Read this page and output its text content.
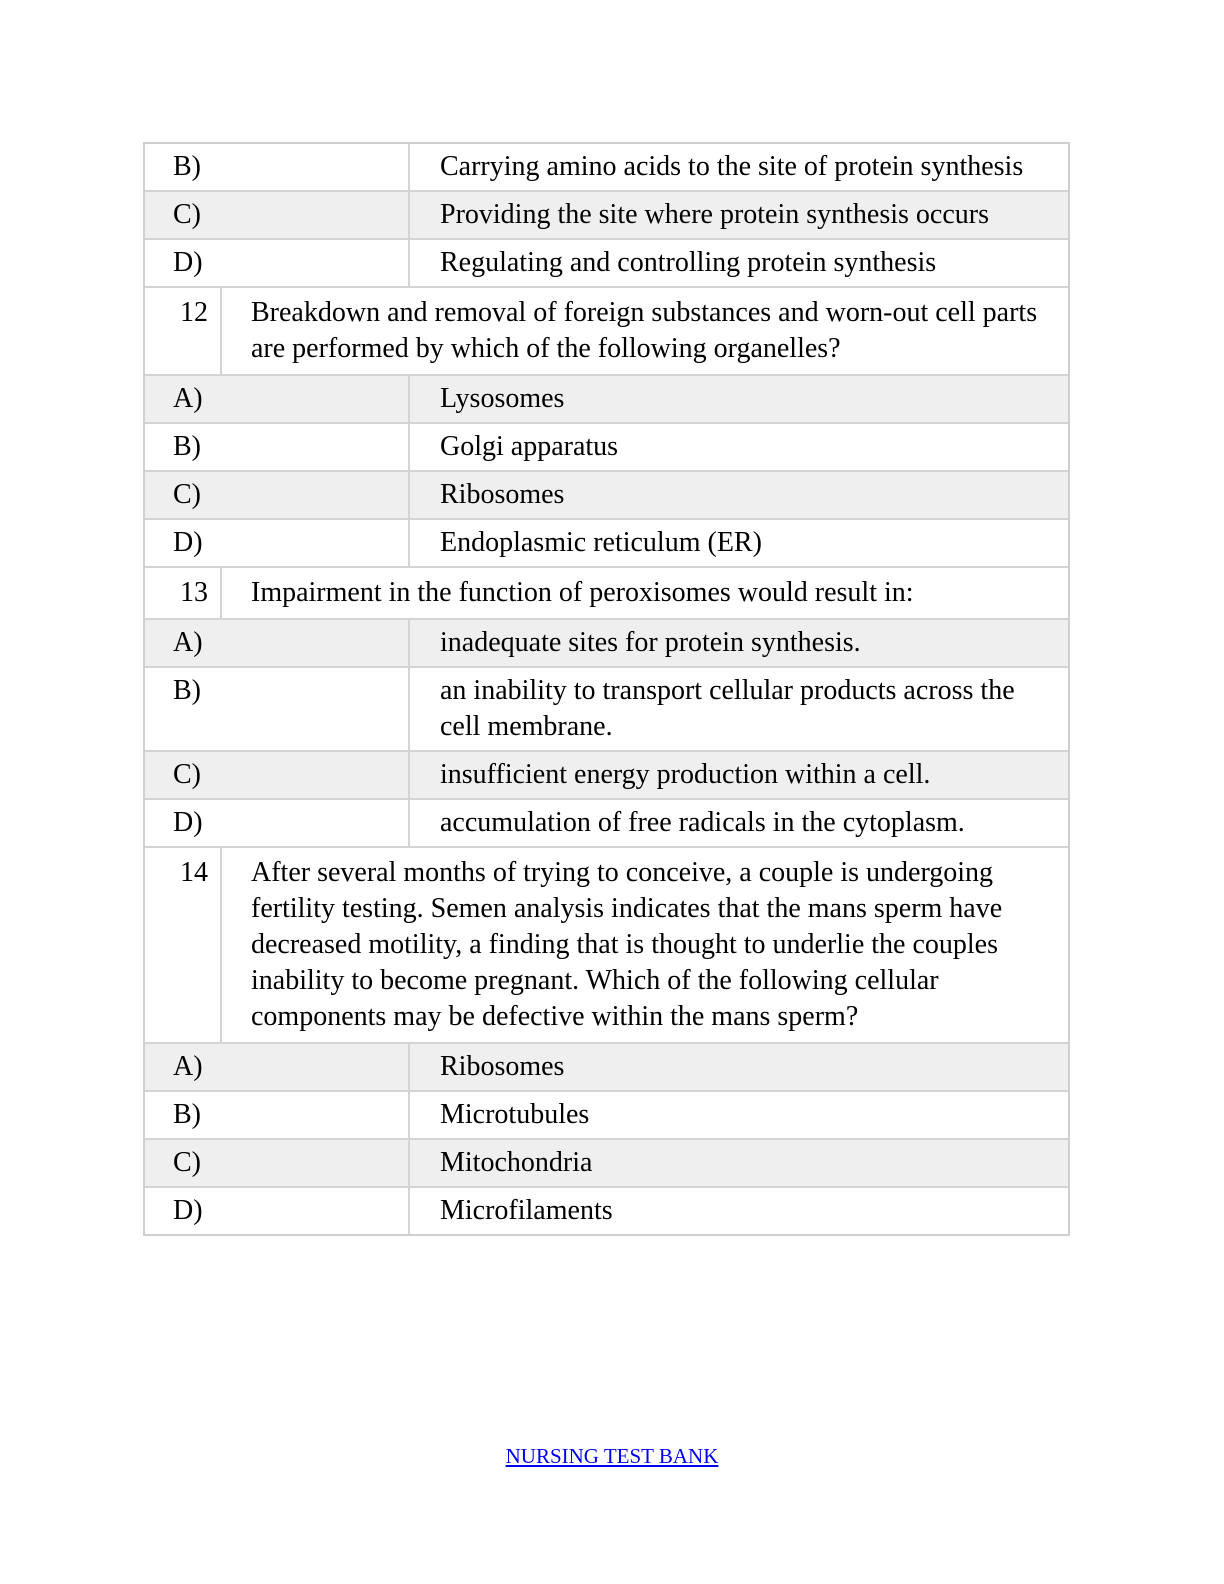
B)	Carrying amino acids to the site of protein synthesis
C)	Providing the site where protein synthesis occurs
D)	Regulating and controlling protein synthesis
12	Breakdown and removal of foreign substances and worn-out cell parts are performed by which of the following organelles?
A)	Lysosomes
B)	Golgi apparatus
C)	Ribosomes
D)	Endoplasmic reticulum (ER)
13	Impairment in the function of peroxisomes would result in:
A)	inadequate sites for protein synthesis.
B)	an inability to transport cellular products across the cell membrane.
C)	insufficient energy production within a cell.
D)	accumulation of free radicals in the cytoplasm.
14	After several months of trying to conceive, a couple is undergoing fertility testing. Semen analysis indicates that the mans sperm have decreased motility, a finding that is thought to underlie the couples inability to become pregnant. Which of the following cellular components may be defective within the mans sperm?
A)	Ribosomes
B)	Microtubules
C)	Mitochondria
D)	Microfilaments
NURSING TEST BANK
